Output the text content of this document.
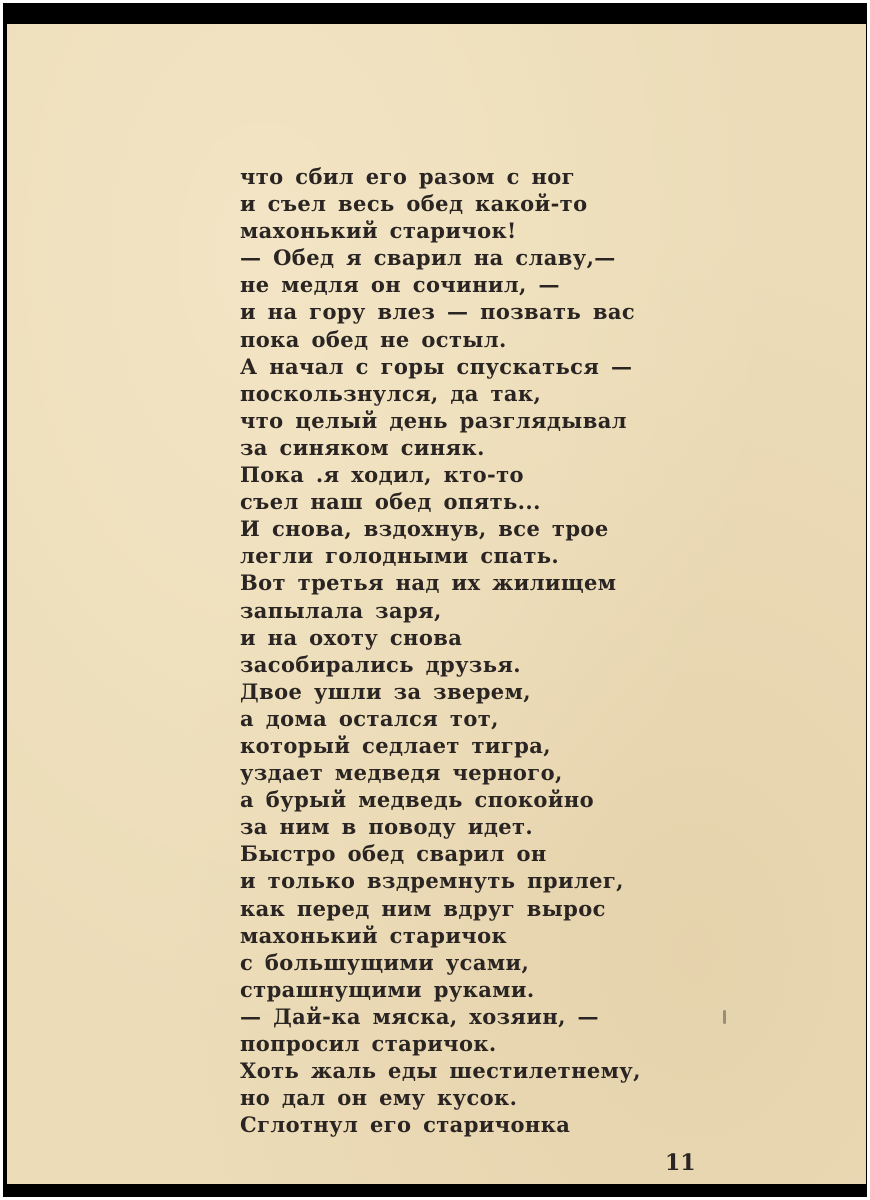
что сбил его разом с ног
и съел весь обед какой-то
махонький старичок!
— Обед я сварил на славу,—
не медля он сочинил, —
и на гору влез — позвать вас
пока обед не остыл.
А начал с горы спускаться —
поскользнулся, да так,
что целый день разглядывал
за синяком синяк.
Пока .я ходил, кто-то
съел наш обед опять...
И снова, вздохнув, все трое
легли голодными спать.
Вот третья над их жилищем
запылала заря,
и на охоту снова
засобирались друзья.
Двое ушли за зверем,
а дома остался тот,
который седлает тигра,
уздает медведя черного,
а бурый медведь спокойно
за ним в поводу идет.
Быстро обед сварил он
и только вздремнуть прилег,
как перед ним вдруг вырос
махонький старичок
с большущими усами,
страшнущими руками.
— Дай-ка мяска, хозяин, —
попросил старичок.
Хоть жаль еды шестилетнему,
но дал он ему кусок.
Сглотнул его старичонка
11
